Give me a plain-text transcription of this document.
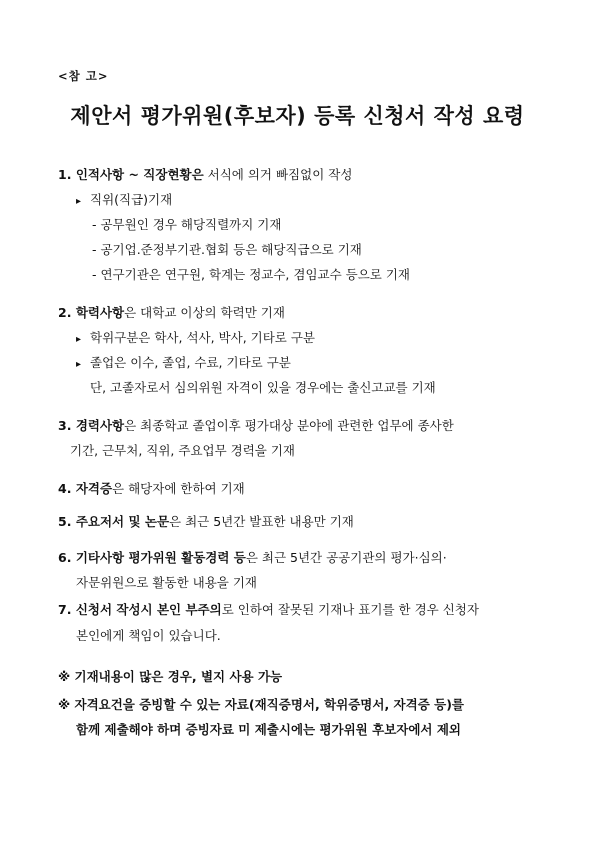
<참 고>
제안서 평가위원(후보자) 등록 신청서 작성 요령
1. 인적사항 ~ 직장현황은 서식에 의거 빠짐없이 작성
▸ 직위(직급)기재
- 공무원인 경우 해당직렬까지 기재
- 공기업.준정부기관.협회 등은 해당직급으로 기재
- 연구기관은 연구원, 학계는 정교수, 겸임교수 등으로 기재
2. 학력사항은 대학교 이상의 학력만 기재
▸ 학위구분은 학사, 석사, 박사, 기타로 구분
▸ 졸업은 이수, 졸업, 수료, 기타로 구분
단, 고졸자로서 심의위원 자격이 있을 경우에는 출신고교를 기재
3. 경력사항은 최종학교 졸업이후 평가대상 분야에 관련한 업무에 종사한
기간, 근무처, 직위, 주요업무 경력을 기재
4. 자격증은 해당자에 한하여 기재
5. 주요저서 및 논문은 최근 5년간 발표한 내용만 기재
6. 기타사항 평가위원 활동경력 등은 최근 5년간 공공기관의 평가·심의·
자문위원으로 활동한 내용을 기재
7. 신청서 작성시 본인 부주의로 인하여 잘못된 기재나 표기를 한 경우 신청자
본인에게 책임이 있습니다.
※ 기재내용이 많은 경우, 별지 사용 가능
※ 자격요건을 증빙할 수 있는 자료(재직증명서, 학위증명서, 자격증 등)를
함께 제출해야 하며 증빙자료 미 제출시에는 평가위원 후보자에서 제외
